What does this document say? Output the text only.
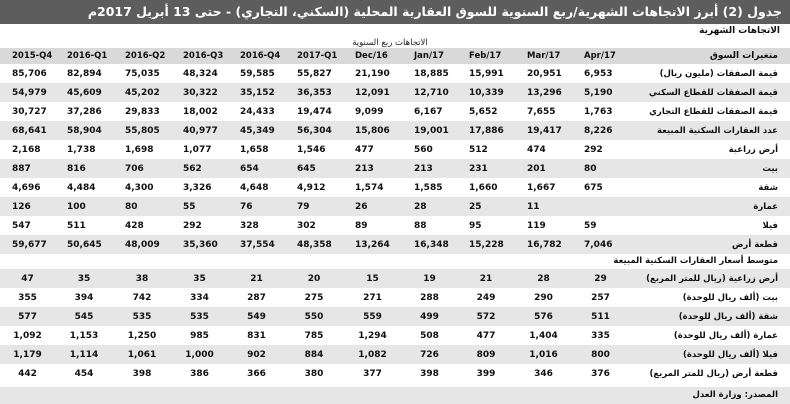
جدول (2) أبرز الاتجاهات الشهرية/ربع السنوية للسوق العقارية المحلية (السكني، التجاري) - حتى 13 أبريل 2017م
الاتجاهات الشهرية
الاتجاهات ربع السنوية
2015-Q4	2016-Q1	2016-Q2	2016-Q3	2016-Q4	2017-Q1	Dec/16	Jan/17	Feb/17	Mar/17	Apr/17	متغيرات السوق
85,706	82,894	75,035	48,324	59,585	55,827	21,190	18,885	15,991	20,951	6,953	قيمة الصفقات (مليون ريال)
54,979	45,609	45,202	30,322	35,152	36,353	12,091	12,710	10,339	13,296	5,190	قيمة الصفقات للقطاع السكني
30,727	37,286	29,833	18,002	24,433	19,474	9,099	6,167	5,652	7,655	1,763	قيمة الصفقات للقطاع التجاري
68,641	58,904	55,805	40,977	45,349	56,304	15,806	19,001	17,886	19,417	8,226	عدد العقارات السكنية المبيعة
2,168	1,738	1,698	1,077	1,658	1,546	477	560	512	474	292	أرض زراعية
887	816	706	562	654	645	213	213	231	201	80	بيت
4,696	4,484	4,300	3,326	4,648	4,912	1,574	1,585	1,660	1,667	675	شقة
126	100	80	55	76	79	26	28	25	11		عمارة
547	511	428	292	328	302	89	88	95	119	59	فيلا
59,677	50,645	48,009	35,360	37,554	48,358	13,264	16,348	15,228	16,782	7,046	قطعة أرض
متوسط أسعار العقارات السكنية المبيعة
47	35	38	35	21	20	15	19	21	28	29	أرض زراعية (ريال للمتر المربع)
355	394	742	334	287	275	271	288	249	290	257	بيت (ألف ريال للوحدة)
577	545	535	535	549	550	559	499	572	576	511	شقة (ألف ريال للوحدة)
1,092	1,153	1,250	985	831	785	1,294	508	477	1,404	335	عمارة (ألف ريال للوحدة)
1,179	1,114	1,061	1,000	902	884	1,082	726	809	1,016	800	فيلا (ألف ريال للوحدة)
442	454	398	386	366	380	377	398	399	346	376	قطعة أرض (ريال للمتر المربع)
المصدر: وزارة العدل
